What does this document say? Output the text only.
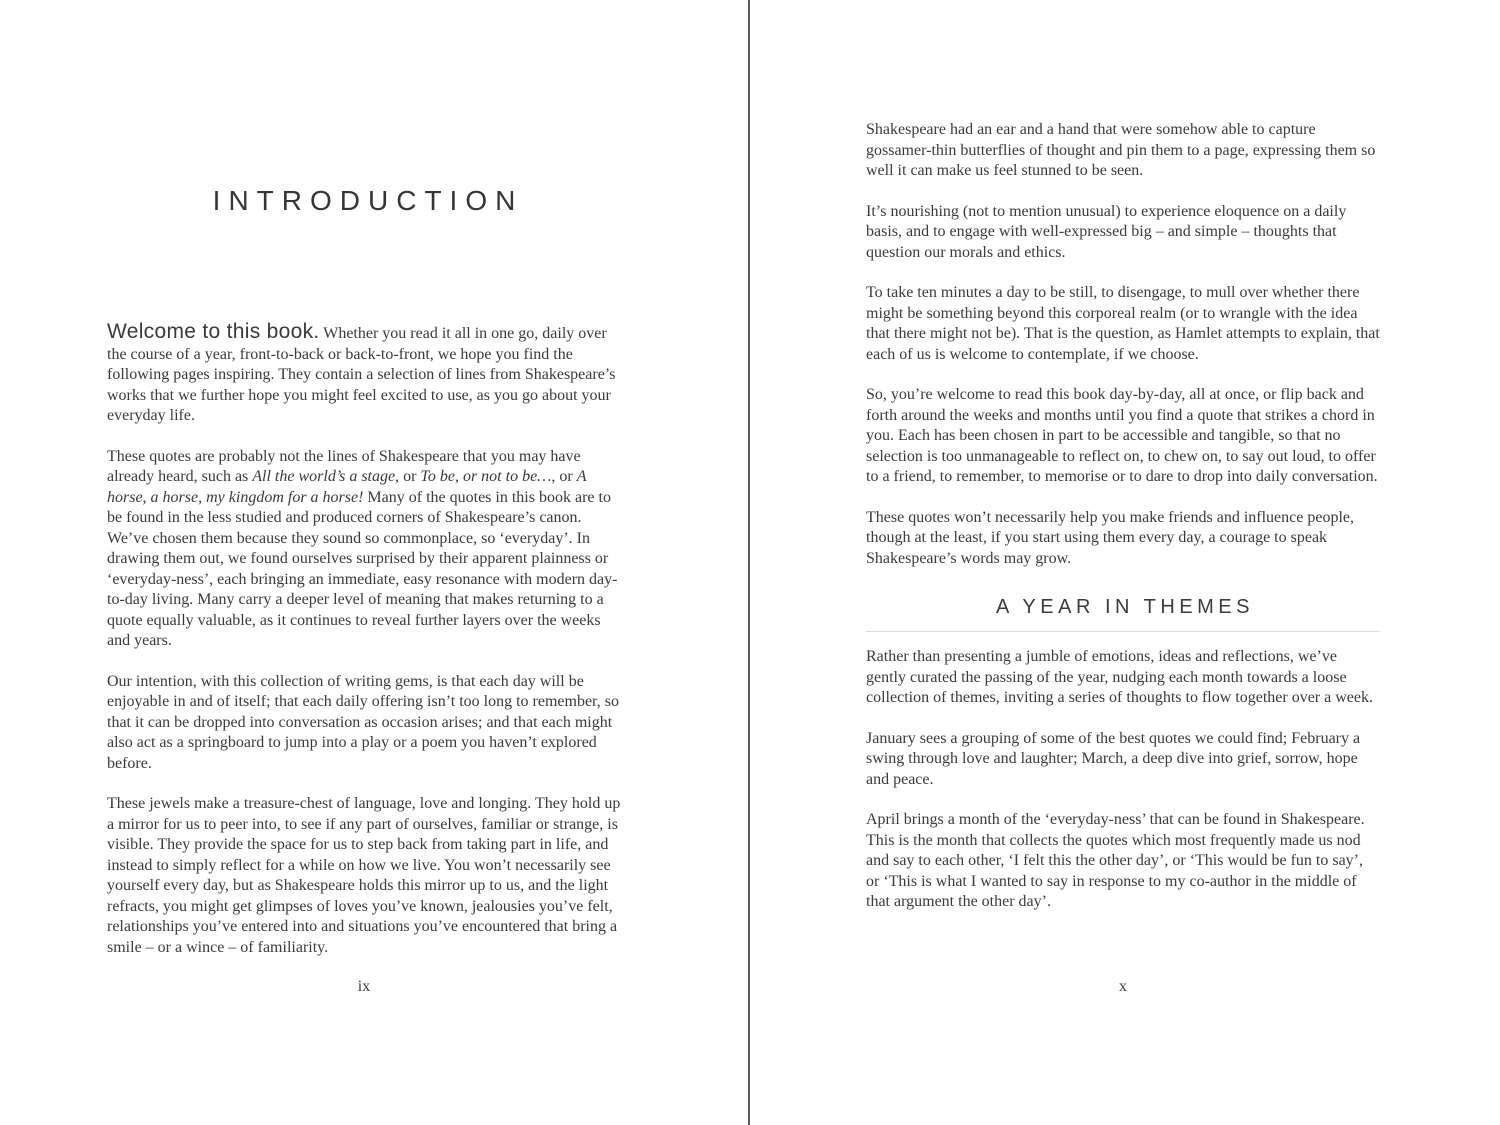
INTRODUCTION

Welcome to this book. Whether you read it all in one go, daily over the course of a year, front-to-back or back-to-front, we hope you find the following pages inspiring. They contain a selection of lines from Shakespeare’s works that we further hope you might feel excited to use, as you go about your everyday life.

These quotes are probably not the lines of Shakespeare that you may have already heard, such as All the world’s a stage, or To be, or not to be…, or A horse, a horse, my kingdom for a horse! Many of the quotes in this book are to be found in the less studied and produced corners of Shakespeare’s canon. We’ve chosen them because they sound so commonplace, so ‘everyday’. In drawing them out, we found ourselves surprised by their apparent plainness or ‘everyday-ness’, each bringing an immediate, easy resonance with modern day-to-day living. Many carry a deeper level of meaning that makes returning to a quote equally valuable, as it continues to reveal further layers over the weeks and years.

Our intention, with this collection of writing gems, is that each day will be enjoyable in and of itself; that each daily offering isn’t too long to remember, so that it can be dropped into conversation as occasion arises; and that each might also act as a springboard to jump into a play or a poem you haven’t explored before.

These jewels make a treasure-chest of language, love and longing. They hold up a mirror for us to peer into, to see if any part of ourselves, familiar or strange, is visible. They provide the space for us to step back from taking part in life, and instead to simply reflect for a while on how we live. You won’t necessarily see yourself every day, but as Shakespeare holds this mirror up to us, and the light refracts, you might get glimpses of loves you’ve known, jealousies you’ve felt, relationships you’ve entered into and situations you’ve encountered that bring a smile – or a wince – of familiarity.

ix

Shakespeare had an ear and a hand that were somehow able to capture gossamer-thin butterflies of thought and pin them to a page, expressing them so well it can make us feel stunned to be seen.

It’s nourishing (not to mention unusual) to experience eloquence on a daily basis, and to engage with well-expressed big – and simple – thoughts that question our morals and ethics.

To take ten minutes a day to be still, to disengage, to mull over whether there might be something beyond this corporeal realm (or to wrangle with the idea that there might not be). That is the question, as Hamlet attempts to explain, that each of us is welcome to contemplate, if we choose.

So, you’re welcome to read this book day-by-day, all at once, or flip back and forth around the weeks and months until you find a quote that strikes a chord in you. Each has been chosen in part to be accessible and tangible, so that no selection is too unmanageable to reflect on, to chew on, to say out loud, to offer to a friend, to remember, to memorise or to dare to drop into daily conversation.

These quotes won’t necessarily help you make friends and influence people, though at the least, if you start using them every day, a courage to speak Shakespeare’s words may grow.

A YEAR IN THEMES

Rather than presenting a jumble of emotions, ideas and reflections, we’ve gently curated the passing of the year, nudging each month towards a loose collection of themes, inviting a series of thoughts to flow together over a week.

January sees a grouping of some of the best quotes we could find; February a swing through love and laughter; March, a deep dive into grief, sorrow, hope and peace.

April brings a month of the ‘everyday-ness’ that can be found in Shakespeare. This is the month that collects the quotes which most frequently made us nod and say to each other, ‘I felt this the other day’, or ‘This would be fun to say’, or ‘This is what I wanted to say in response to my co-author in the middle of that argument the other day’.

x
